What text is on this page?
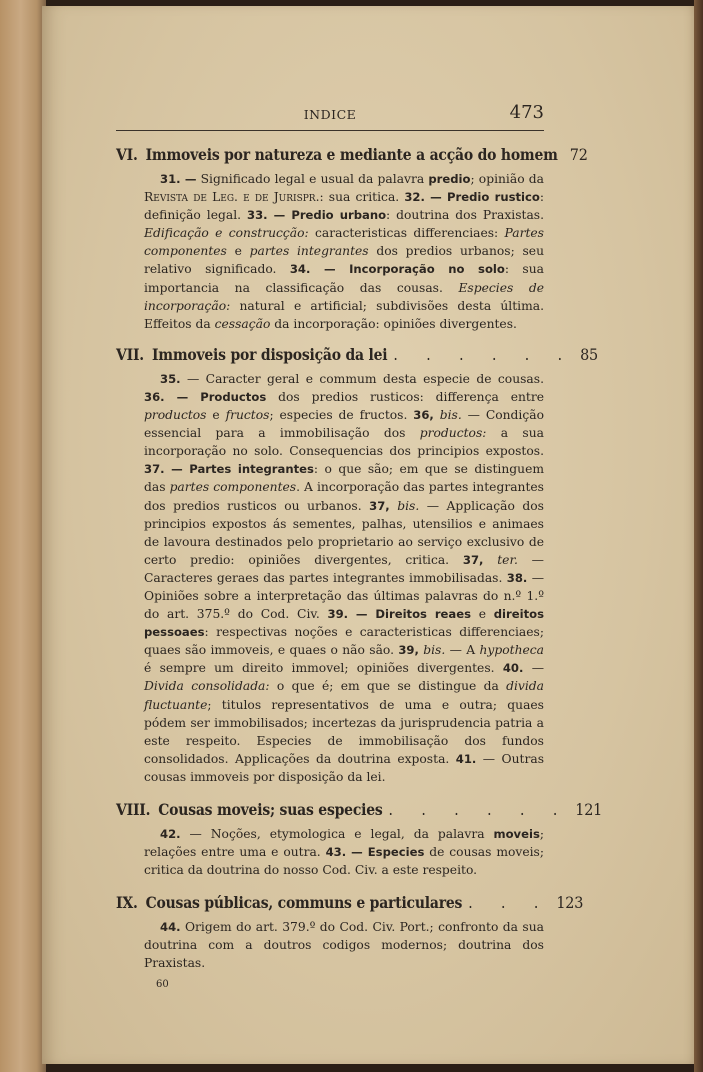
INDICE	473
VI. Immoveis por natureza e mediante a acção do homem 72

31. — Significado legal e usual da palavra predio; opinião da Revista de Leg. e de Jurispr.: sua critica. 32. — Predio rustico: definição legal. 33. — Predio urbano: doutrina dos Praxistas. Edificação e construcção: caracteristicas differenciaes: Partes componentes e partes integrantes dos predios urbanos; seu relativo significado. 34. — Incorporação no solo: sua importancia na classificação das cousas. Especies de incorporação: natural e artificial; subdivisões desta última. Effeitos da cessação da incorporação: opiniões divergentes.

VII. Immoveis por disposição da lei . . . . . . 85

35. — Caracter geral e commum desta especie de cousas. 36. — Productos dos predios rusticos: differença entre productos e fructos; especies de fructos. 36, bis. — Condição essencial para a immobilisação dos productos: a sua incorporação no solo. Consequencias dos principios expostos. 37. — Partes integrantes: o que são; em que se distinguem das partes componentes. A incorporação das partes integrantes dos predios rusticos ou urbanos. 37, bis. — Applicação dos principios expostos ás sementes, palhas, utensilios e animaes de lavoura destinados pelo proprietario ao serviço exclusivo de certo predio: opiniões divergentes, critica. 37, ter. — Caracteres geraes das partes integrantes immobilisadas. 38. — Opiniões sobre a interpretação das últimas palavras do n.º 1.º do art. 375.º do Cod. Civ. 39. — Direitos reaes e direitos pessoaes: respectivas noções e caracteristicas differenciaes; quaes são immoveis, e quaes o não são. 39, bis. — A hypotheca é sempre um direito immovel; opiniões divergentes. 40. — Divida consolidada: o que é; em que se distingue da divida fluctuante; titulos representativos de uma e outra; quaes pódem ser immobilisados; incertezas da jurisprudencia patria a este respeito. Especies de immobilisação dos fundos consolidados. Applicações da doutrina exposta. 41. — Outras cousas immoveis por disposição da lei.

VIII. Cousas moveis; suas especies . . . . . . 121

42. — Noções, etymologica e legal, da palavra moveis; relações entre uma e outra. 43. — Especies de cousas moveis; critica da doutrina do nosso Cod. Civ. a este respeito.

IX. Cousas públicas, communs e particulares . . . 123

44. Origem do art. 379.º do Cod. Civ. Port.; confronto da sua doutrina com a doutros codigos modernos; doutrina dos Praxistas.

60
